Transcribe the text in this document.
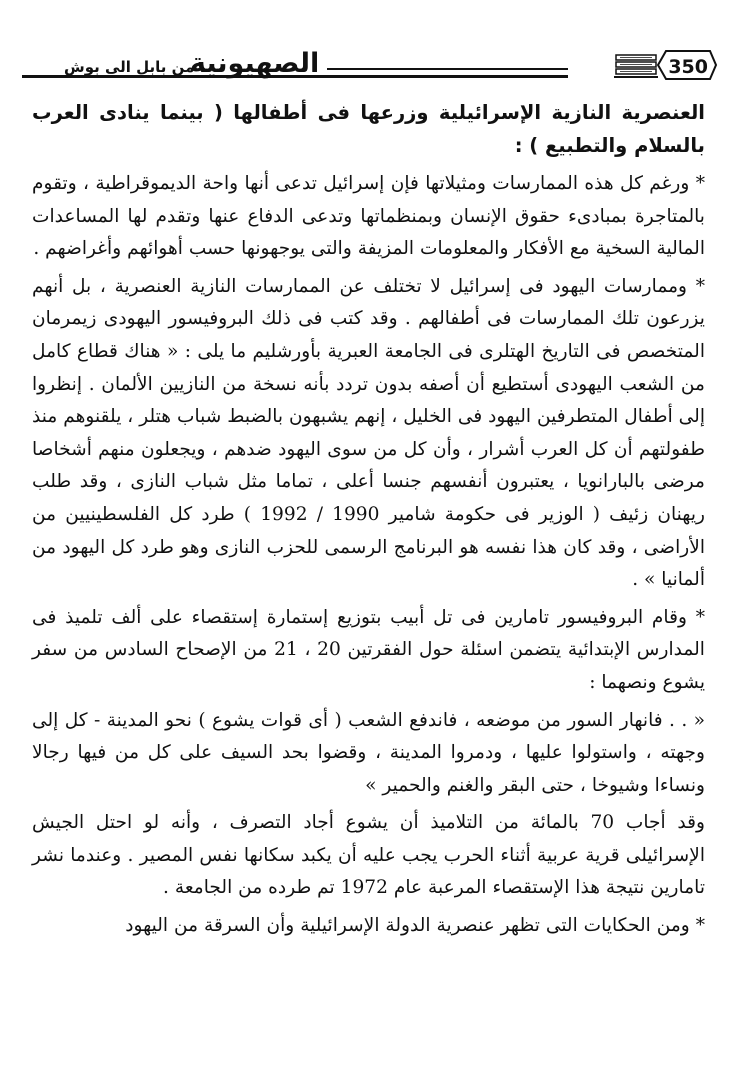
.. من بابل الى بوش
الصهيونية	350

العنصرية النازية الإسرائيلية وزرعها فى أطفالها ( بينما ينادى العرب بالسلام والتطبيع ) :

* ورغم كل هذه الممارسات ومثيلاتها فإن إسرائيل تدعى أنها واحة الديموقراطية ، وتقوم بالمتاجرة بمبادىء حقوق الإنسان وبمنظماتها وتدعى الدفاع عنها وتقدم لها المساعدات المالية السخية مع الأفكار والمعلومات المزيفة والتى يوجهونها حسب أهوائهم وأغراضهم .

* وممارسات اليهود فى إسرائيل لا تختلف عن الممارسات النازية العنصرية ، بل أنهم يزرعون تلك الممارسات فى أطفالهم . وقد كتب فى ذلك البروفيسور اليهودى زيمرمان المتخصص فى التاريخ الهتلرى فى الجامعة العبرية بأورشليم ما يلى : « هناك قطاع كامل من الشعب اليهودى أستطيع أن أصفه بدون تردد بأنه نسخة من النازيين الألمان . إنظروا إلى أطفال المتطرفين اليهود فى الخليل ، إنهم يشبهون بالضبط شباب هتلر ، يلقنوهم منذ طفولتهم أن كل العرب أشرار ، وأن كل من سوى اليهود ضدهم ، ويجعلون منهم أشخاصا مرضى بالبارانويا ، يعتبرون أنفسهم جنسا أعلى ، تماما مثل شباب النازى ، وقد طلب ريهنان زئيف ( الوزير فى حكومة شامير 1990 / 1992 ) طرد كل الفلسطينيين من الأراضى ، وقد كان هذا نفسه هو البرنامج الرسمى للحزب النازى وهو طرد كل اليهود من ألمانيا » .

* وقام البروفيسور تامارين فى تل أبيب بتوزيع إستمارة إستقصاء على ألف تلميذ فى المدارس الإبتدائية يتضمن اسئلة حول الفقرتين 20 ، 21 من الإصحاح السادس من سفر يشوع ونصهما :

« . . فانهار السور من موضعه ، فاندفع الشعب ( أى قوات يشوع ) نحو المدينة - كل إلى وجهته ، واستولوا عليها ، ودمروا المدينة ، وقضوا بحد السيف على كل من فيها رجالا ونساءا وشيوخا ، حتى البقر والغنم والحمير »

وقد أجاب 70 بالمائة من التلاميذ أن يشوع أجاد التصرف ، وأنه لو احتل الجيش الإسرائيلى قرية عربية أثناء الحرب يجب عليه أن يكبد سكانها نفس المصير . وعندما نشر تامارين نتيجة هذا الإستقصاء المرعبة عام 1972 تم طرده من الجامعة .

* ومن الحكايات التى تظهر عنصرية الدولة الإسرائيلية وأن السرقة من اليهود
